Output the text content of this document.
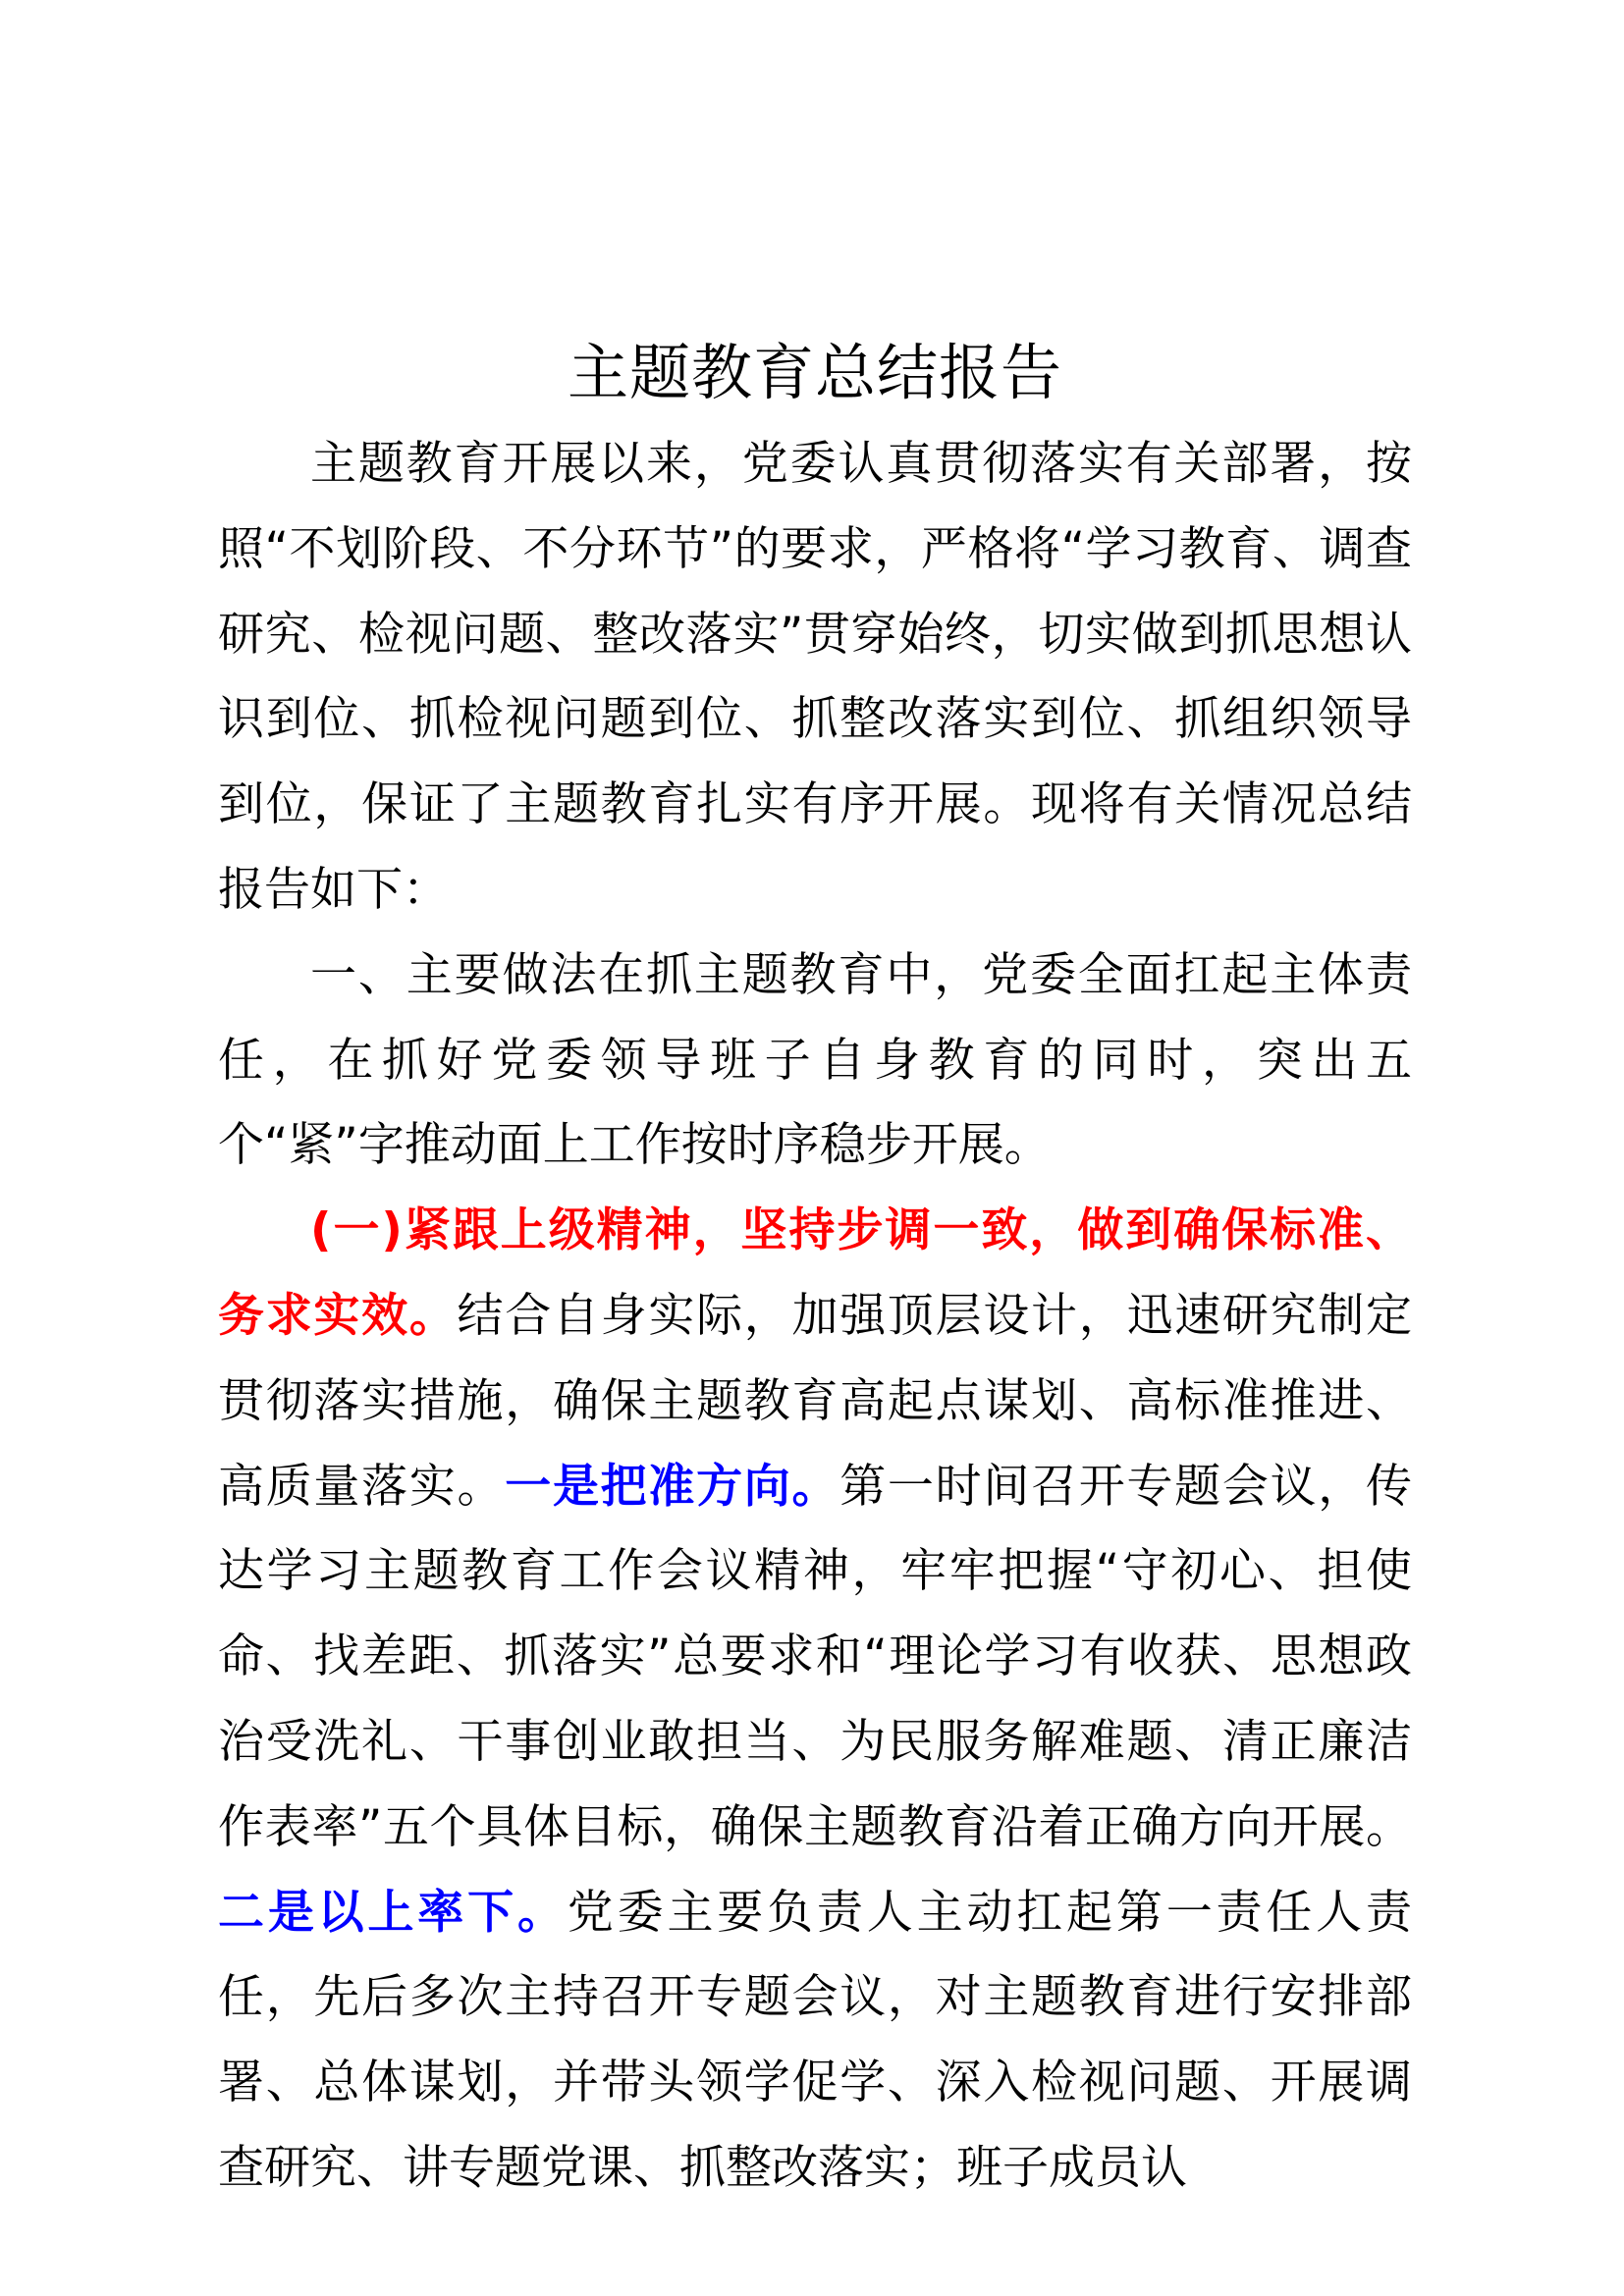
主题教育总结报告

主题教育开展以来，党委认真贯彻落实有关部署，按照“不划阶段、不分环节”的要求，严格将“学习教育、调查研究、检视问题、整改落实”贯穿始终，切实做到抓思想认识到位、抓检视问题到位、抓整改落实到位、抓组织领导到位，保证了主题教育扎实有序开展。现将有关情况总结报告如下：

一、主要做法在抓主题教育中，党委全面扛起主体责任，在抓好党委领导班子自身教育的同时，突出五个“紧”字推动面上工作按时序稳步开展。

(一)紧跟上级精神，坚持步调一致，做到确保标准、务求实效。结合自身实际，加强顶层设计，迅速研究制定贯彻落实措施，确保主题教育高起点谋划、高标准推进、高质量落实。一是把准方向。第一时间召开专题会议，传达学习主题教育工作会议精神，牢牢把握“守初心、担使命、找差距、抓落实”总要求和“理论学习有收获、思想政治受洗礼、干事创业敢担当、为民服务解难题、清正廉洁作表率”五个具体目标，确保主题教育沿着正确方向开展。二是以上率下。党委主要负责人主动扛起第一责任人责任，先后多次主持召开专题会议，对主题教育进行安排部署、总体谋划，并带头领学促学、深入检视问题、开展调查研究、讲专题党课、抓整改落实；班子成员认
